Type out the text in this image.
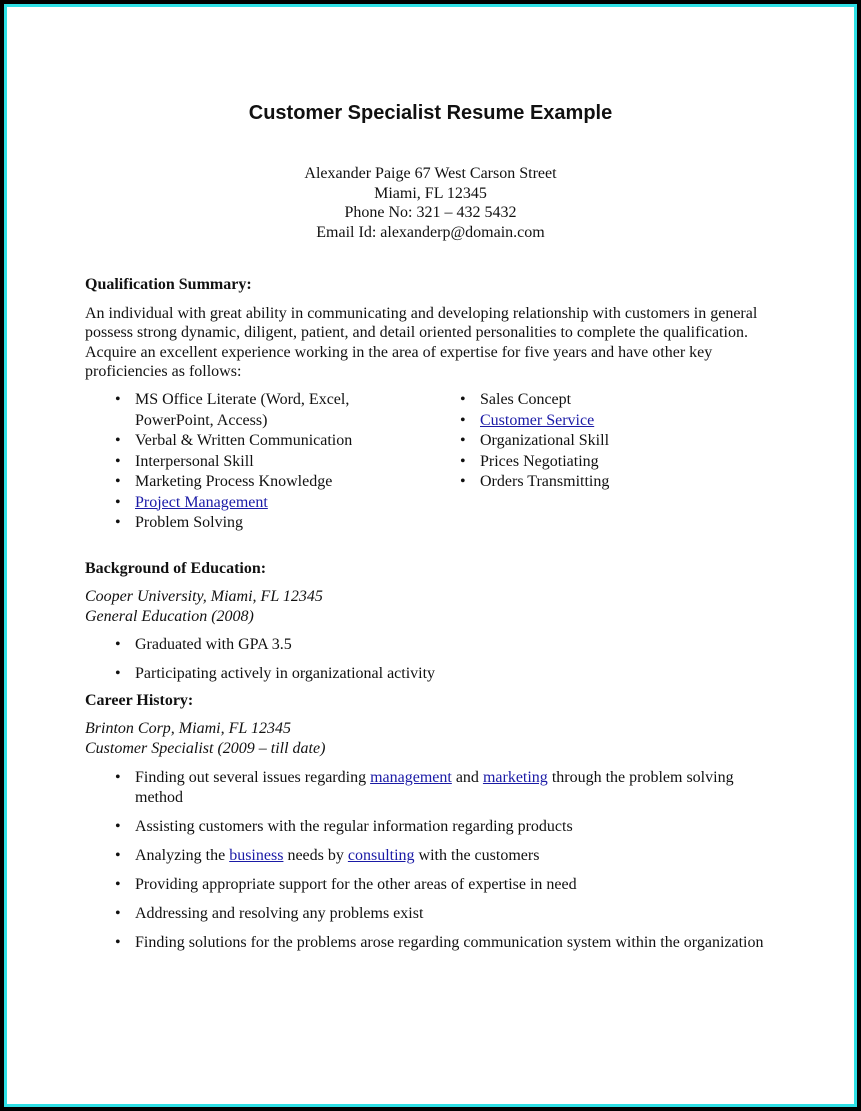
Customer Specialist Resume Example
Alexander Paige 67 West Carson Street
Miami, FL 12345
Phone No: 321 – 432 5432
Email Id: alexanderp@domain.com
Qualification Summary:
An individual with great ability in communicating and developing relationship with customers in general possess strong dynamic, diligent, patient, and detail oriented personalities to complete the qualification. Acquire an excellent experience working in the area of expertise for five years and have other key proficiencies as follows:
• MS Office Literate (Word, Excel, PowerPoint, Access)
• Verbal & Written Communication
• Interpersonal Skill
• Marketing Process Knowledge
• Project Management
• Problem Solving
• Sales Concept
• Customer Service
• Organizational Skill
• Prices Negotiating
• Orders Transmitting
Background of Education:
Cooper University, Miami, FL 12345
General Education (2008)
• Graduated with GPA 3.5
• Participating actively in organizational activity
Career History:
Brinton Corp, Miami, FL 12345
Customer Specialist (2009 – till date)
• Finding out several issues regarding management and marketing through the problem solving method
• Assisting customers with the regular information regarding products
• Analyzing the business needs by consulting with the customers
• Providing appropriate support for the other areas of expertise in need
• Addressing and resolving any problems exist
• Finding solutions for the problems arose regarding communication system within the organization
